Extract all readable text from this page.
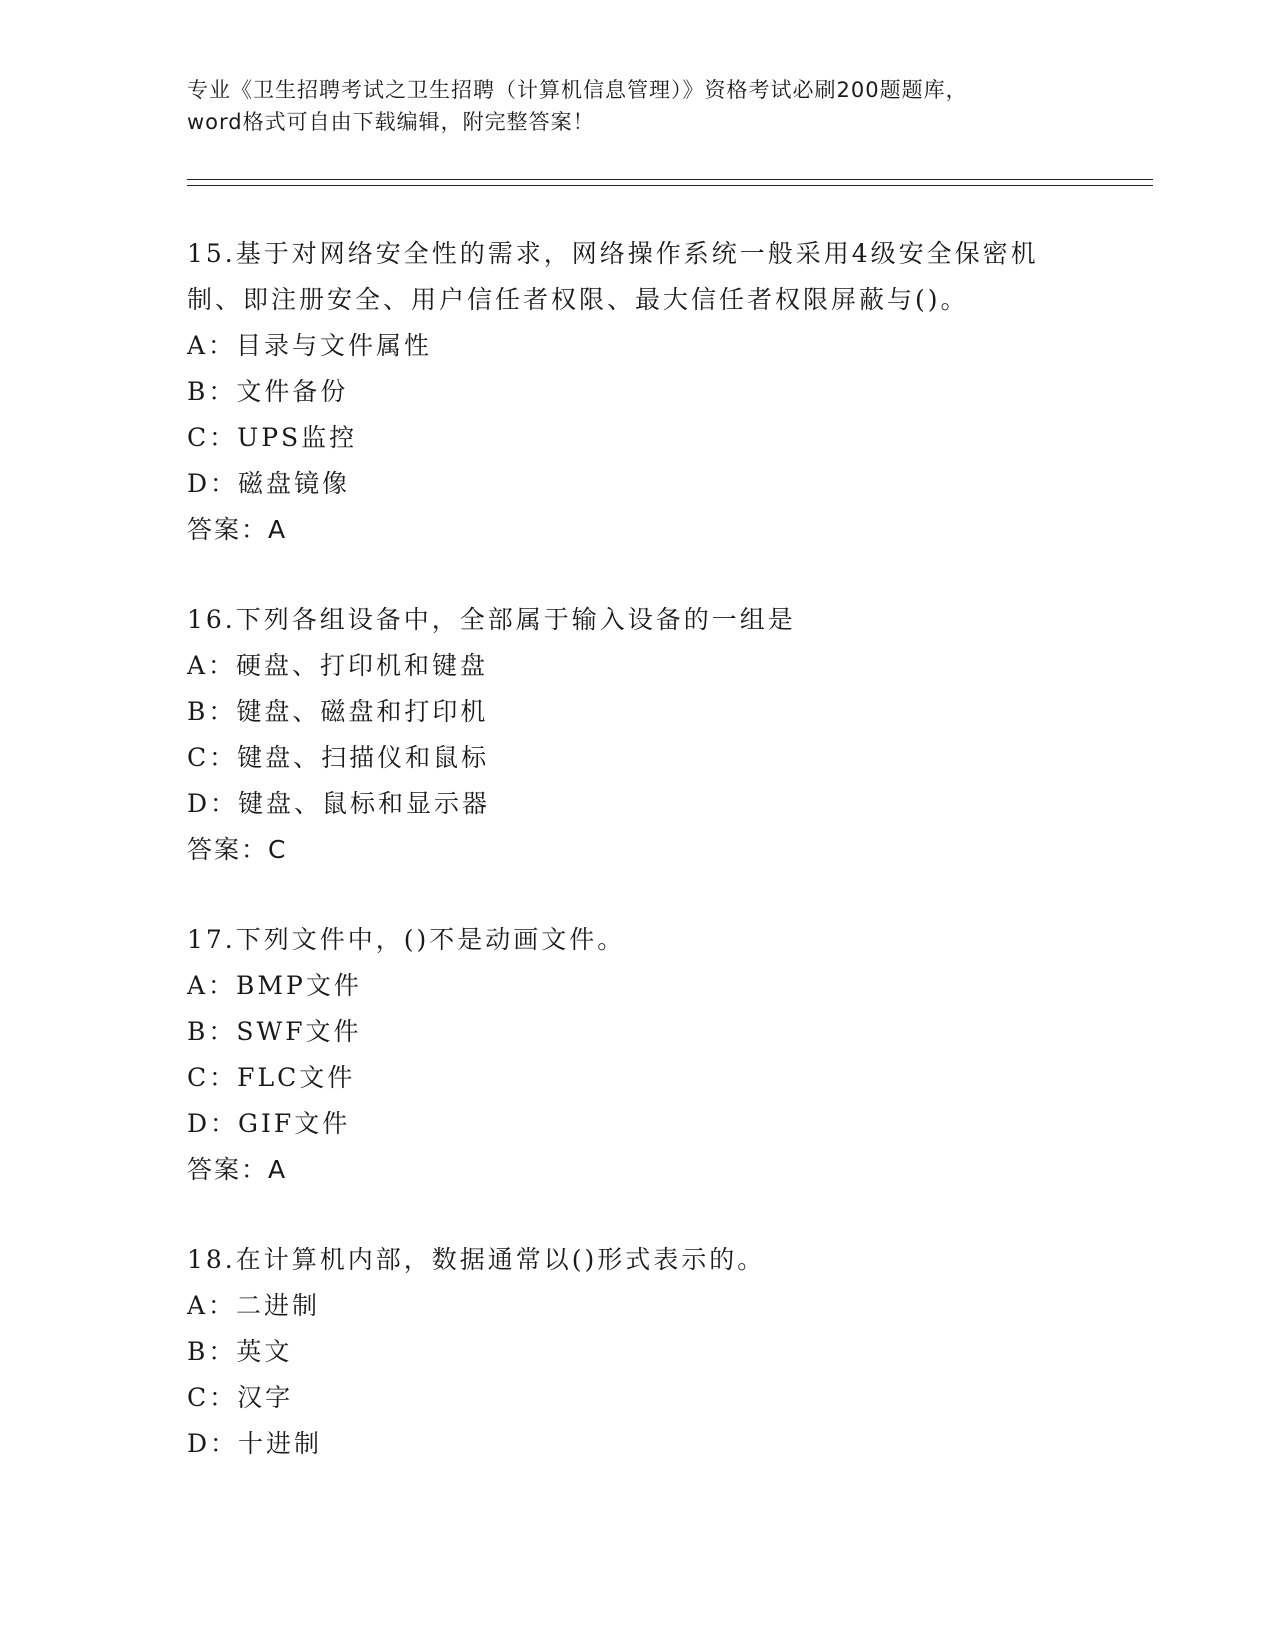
专业《卫生招聘考试之卫生招聘（计算机信息管理）》资格考试必刷200题题库，
word格式可自由下载编辑，附完整答案！
15.基于对网络安全性的需求，网络操作系统一般采用4级安全保密机
制、即注册安全、用户信任者权限、最大信任者权限屏蔽与()。
A：目录与文件属性
B：文件备份
C：UPS监控
D：磁盘镜像
答案：A
16.下列各组设备中，全部属于输入设备的一组是
A：硬盘、打印机和键盘
B：键盘、磁盘和打印机
C：键盘、扫描仪和鼠标
D：键盘、鼠标和显示器
答案：C
17.下列文件中，()不是动画文件。
A：BMP文件
B：SWF文件
C：FLC文件
D：GIF文件
答案：A
18.在计算机内部，数据通常以()形式表示的。
A：二进制
B：英文
C：汉字
D：十进制
